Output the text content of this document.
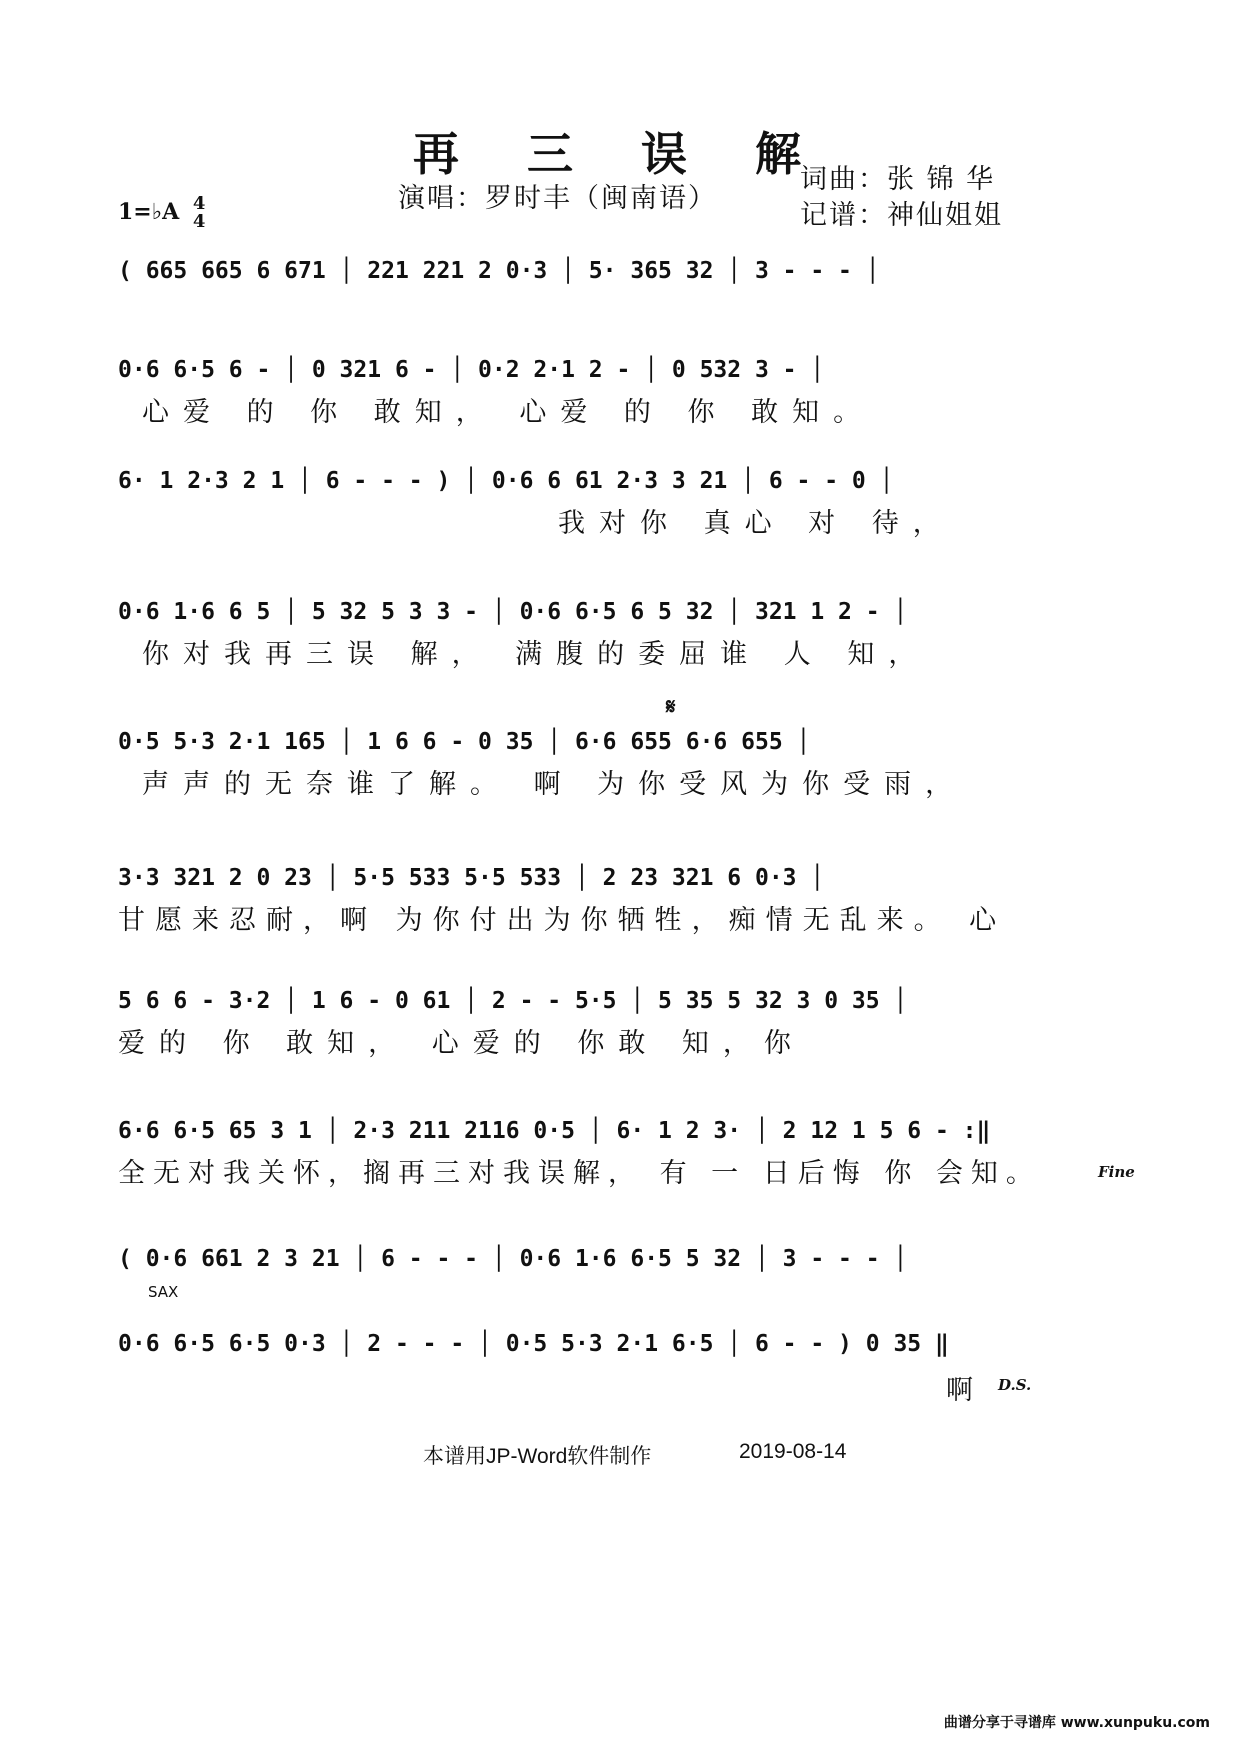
再 三 误 解
1=♭A 4
4
演唱：罗时丰（闽南语）
词曲：张 锦 华
记谱：神仙姐姐
( 665 665 6 671 │ 221 221 2 0·3 │ 5· 365 32 │ 3 - - - │
0·6 6·5 6 - │ 0 321 6 - │ 0·2 2·1 2 - │ 0 532 3 - │
心爱 的 你 敢知， 心爱 的 你 敢知。
6· 1 2·3 2 1 │ 6 - - - ) │ 0·6 6 61 2·3 3 21 │ 6 - - 0 │
我对你 真心 对 待，
0·6 1·6 6 5 │ 5 32 5 3 3 - │ 0·6 6·5 6 5 32 │ 321 1 2 - │
你对我再三误 解， 满腹的委屈谁 人 知，
𝄋
0·5 5·3 2·1 165 │ 1 6 6 - 0 35 │ 6·6 655 6·6 655 │
声声的无奈谁了解。 啊 为你受风为你受雨，
3·3 321 2 0 23 │ 5·5 533 5·5 533 │ 2 23 321 6 0·3 │
甘愿来忍耐，啊 为你付出为你牺牲，痴情无乱来。 心
5 6 6 - 3·2 │ 1 6 - 0 61 │ 2 - - 5·5 │ 5 35 5 32 3 0 35 │
爱的 你 敢知， 心爱的 你敢 知，你
6·6 6·5 65 3 1 │ 2·3 211 2116 0·5 │ 6· 1 2 3· │ 2 12 1 5 6 - :‖
全无对我关怀，搁再三对我误解， 有 一 日后悔 你 会知。	Fine
( 0·6 661 2 3 21 │ 6 - - - │ 0·6 1·6 6·5 5 32 │ 3 - - - │
SAX
0·6 6·5 6·5 0·3 │ 2 - - - │ 0·5 5·3 2·1 6·5 │ 6 - - ) 0 35 ‖
啊 D.S.
本谱用JP-Word软件制作	2019-08-14
曲谱分享于寻谱库 www.xunpuku.com
